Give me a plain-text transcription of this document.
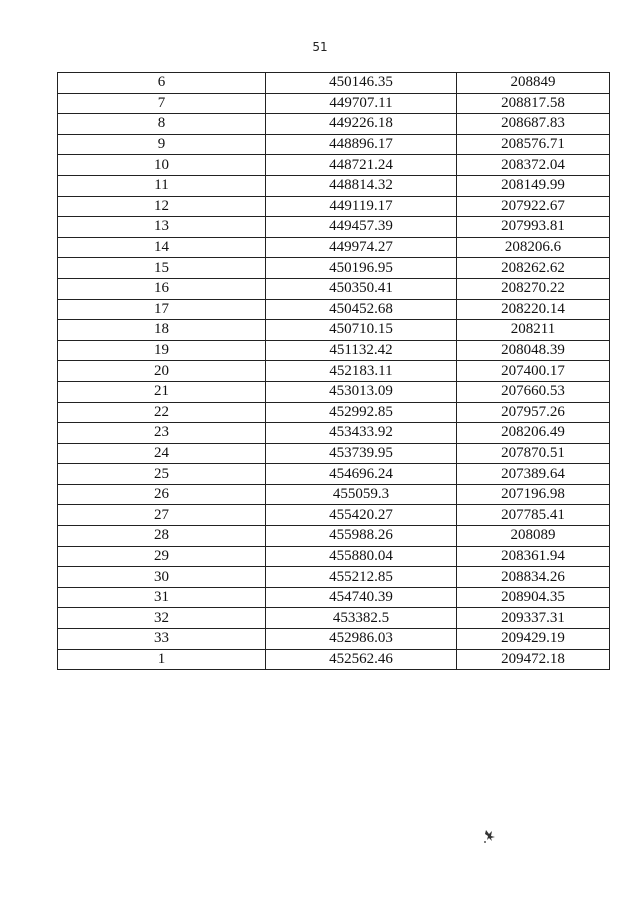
51
6	450146.35	208849
7	449707.11	208817.58
8	449226.18	208687.83
9	448896.17	208576.71
10	448721.24	208372.04
11	448814.32	208149.99
12	449119.17	207922.67
13	449457.39	207993.81
14	449974.27	208206.6
15	450196.95	208262.62
16	450350.41	208270.22
17	450452.68	208220.14
18	450710.15	208211
19	451132.42	208048.39
20	452183.11	207400.17
21	453013.09	207660.53
22	452992.85	207957.26
23	453433.92	208206.49
24	453739.95	207870.51
25	454696.24	207389.64
26	455059.3	207196.98
27	455420.27	207785.41
28	455988.26	208089
29	455880.04	208361.94
30	455212.85	208834.26
31	454740.39	208904.35
32	453382.5	209337.31
33	452986.03	209429.19
1	452562.46	209472.18
